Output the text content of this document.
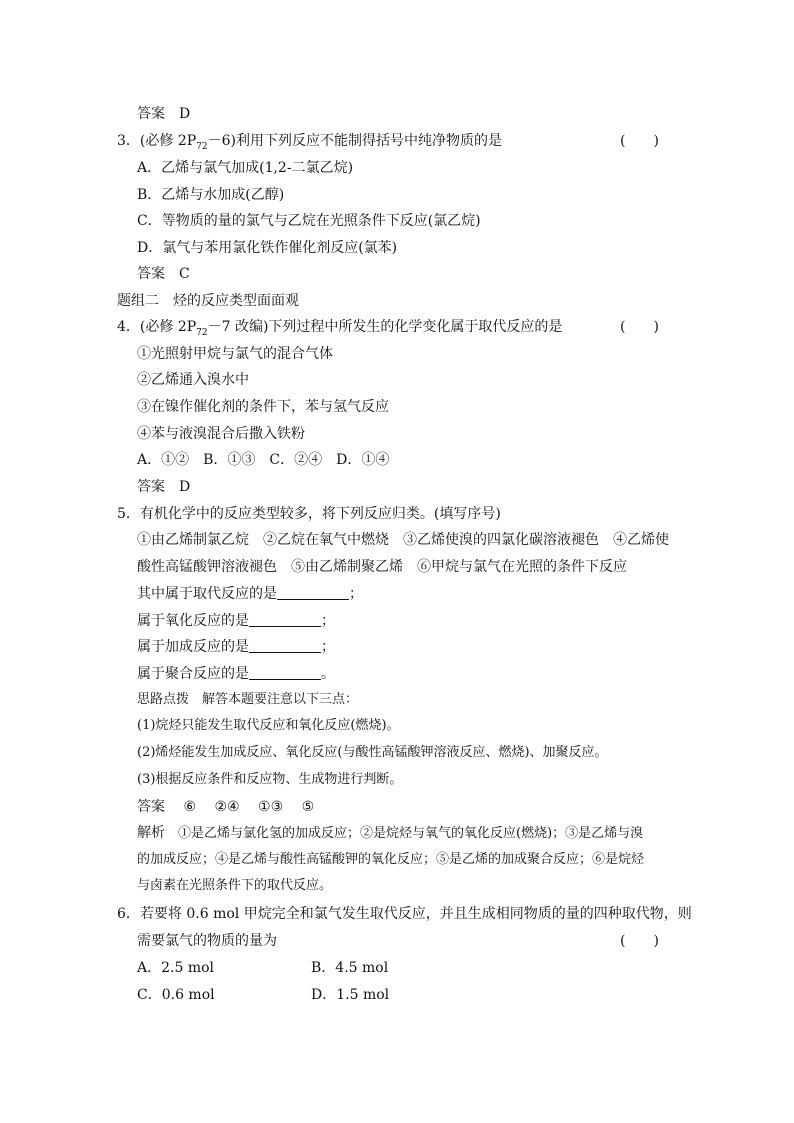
答案　D
3．(必修 $2P_{72}-6$)利用下列反应不能制得括号中纯净物质的是	(　　)
A．乙烯与氯气加成(1,2-二氯乙烷)
B．乙烯与水加成(乙醇)
C．等物质的量的氯气与乙烷在光照条件下反应(氯乙烷)
D．氯气与苯用氯化铁作催化剂反应(氯苯)
答案　C
题组二　烃的反应类型面面观
4．(必修 $2P_{72}-7$ 改编)下列过程中所发生的化学变化属于取代反应的是	(　　)
①光照射甲烷与氯气的混合气体
②乙烯通入溴水中
③在镍作催化剂的条件下，苯与氢气反应
④苯与液溴混合后撒入铁粉
A．①②　B．①③　C．②④　D．①④
答案　D
5．有机化学中的反应类型较多，将下列反应归类。(填写序号)
①由乙烯制氯乙烷　②乙烷在氧气中燃烧　③乙烯使溴的四氯化碳溶液褪色　④乙烯使
酸性高锰酸钾溶液褪色　⑤由乙烯制聚乙烯　⑥甲烷与氯气在光照的条件下反应
其中属于取代反应的是	；
属于氧化反应的是	；
属于加成反应的是	；
属于聚合反应的是	。
思路点拨　解答本题要注意以下三点：
(1)烷烃只能发生取代反应和氧化反应(燃烧)。
(2)烯烃能发生加成反应、氧化反应(与酸性高锰酸钾溶液反应、燃烧)、加聚反应。
(3)根据反应条件和反应物、生成物进行判断。
答案 ⑥ ②④ ①③ ⑤
解析　①是乙烯与氯化氢的加成反应；②是烷烃与氧气的氧化反应(燃烧)；③是乙烯与溴
的加成反应；④是乙烯与酸性高锰酸钾的氧化反应；⑤是乙烯的加成聚合反应；⑥是烷烃
与卤素在光照条件下的取代反应。
6．若要将 0.6 mol 甲烷完全和氯气发生取代反应，并且生成相同物质的量的四种取代物，则
需要氯气的物质的量为	(　　)
A．2.5 mol	B．4.5 mol
C．0.6 mol	D．1.5 mol
